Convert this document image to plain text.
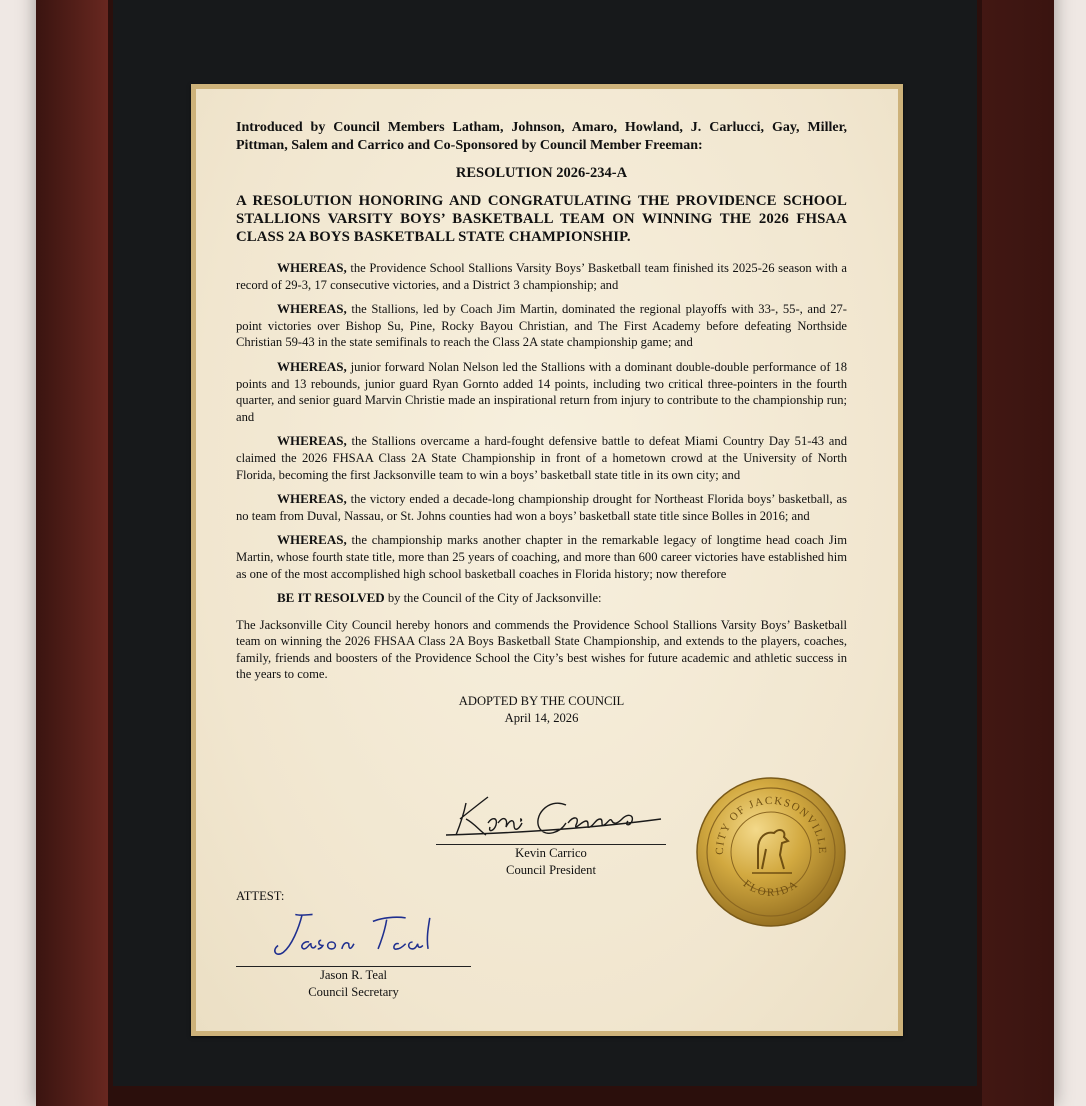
Introduced by Council Members Latham, Johnson, Amaro, Howland, J. Carlucci, Gay, Miller, Pittman, Salem and Carrico and Co-Sponsored by Council Member Freeman:

RESOLUTION 2026-234-A

A RESOLUTION HONORING AND CONGRATULATING THE PROVIDENCE SCHOOL STALLIONS VARSITY BOYS’ BASKETBALL TEAM ON WINNING THE 2026 FHSAA CLASS 2A BOYS BASKETBALL STATE CHAMPIONSHIP.

WHEREAS, the Providence School Stallions Varsity Boys’ Basketball team finished its 2025-26 season with a record of 29-3, 17 consecutive victories, and a District 3 championship; and

WHEREAS, the Stallions, led by Coach Jim Martin, dominated the regional playoffs with 33-, 55-, and 27-point victories over Bishop Su, Pine, Rocky Bayou Christian, and The First Academy before defeating Northside Christian 59-43 in the state semifinals to reach the Class 2A state championship game; and

WHEREAS, junior forward Nolan Nelson led the Stallions with a dominant double-double performance of 18 points and 13 rebounds, junior guard Ryan Gornto added 14 points, including two critical three-pointers in the fourth quarter, and senior guard Marvin Christie made an inspirational return from injury to contribute to the championship run; and

WHEREAS, the Stallions overcame a hard-fought defensive battle to defeat Miami Country Day 51-43 and claimed the 2026 FHSAA Class 2A State Championship in front of a hometown crowd at the University of North Florida, becoming the first Jacksonville team to win a boys’ basketball state title in its own city; and

WHEREAS, the victory ended a decade-long championship drought for Northeast Florida boys’ basketball, as no team from Duval, Nassau, or St. Johns counties had won a boys’ basketball state title since Bolles in 2016; and

WHEREAS, the championship marks another chapter in the remarkable legacy of longtime head coach Jim Martin, whose fourth state title, more than 25 years of coaching, and more than 600 career victories have established him as one of the most accomplished high school basketball coaches in Florida history; now therefore

BE IT RESOLVED by the Council of the City of Jacksonville:

The Jacksonville City Council hereby honors and commends the Providence School Stallions Varsity Boys’ Basketball team on winning the 2026 FHSAA Class 2A Boys Basketball State Championship, and extends to the players, coaches, family, friends and boosters of the Providence School the City’s best wishes for future academic and athletic success in the years to come.

ADOPTED BY THE COUNCIL

April 14, 2026

Kevin Carrico

Council President

CITY OF JACKSONVILLE
FLORIDA

ATTEST:

Jason R. Teal

Council Secretary
